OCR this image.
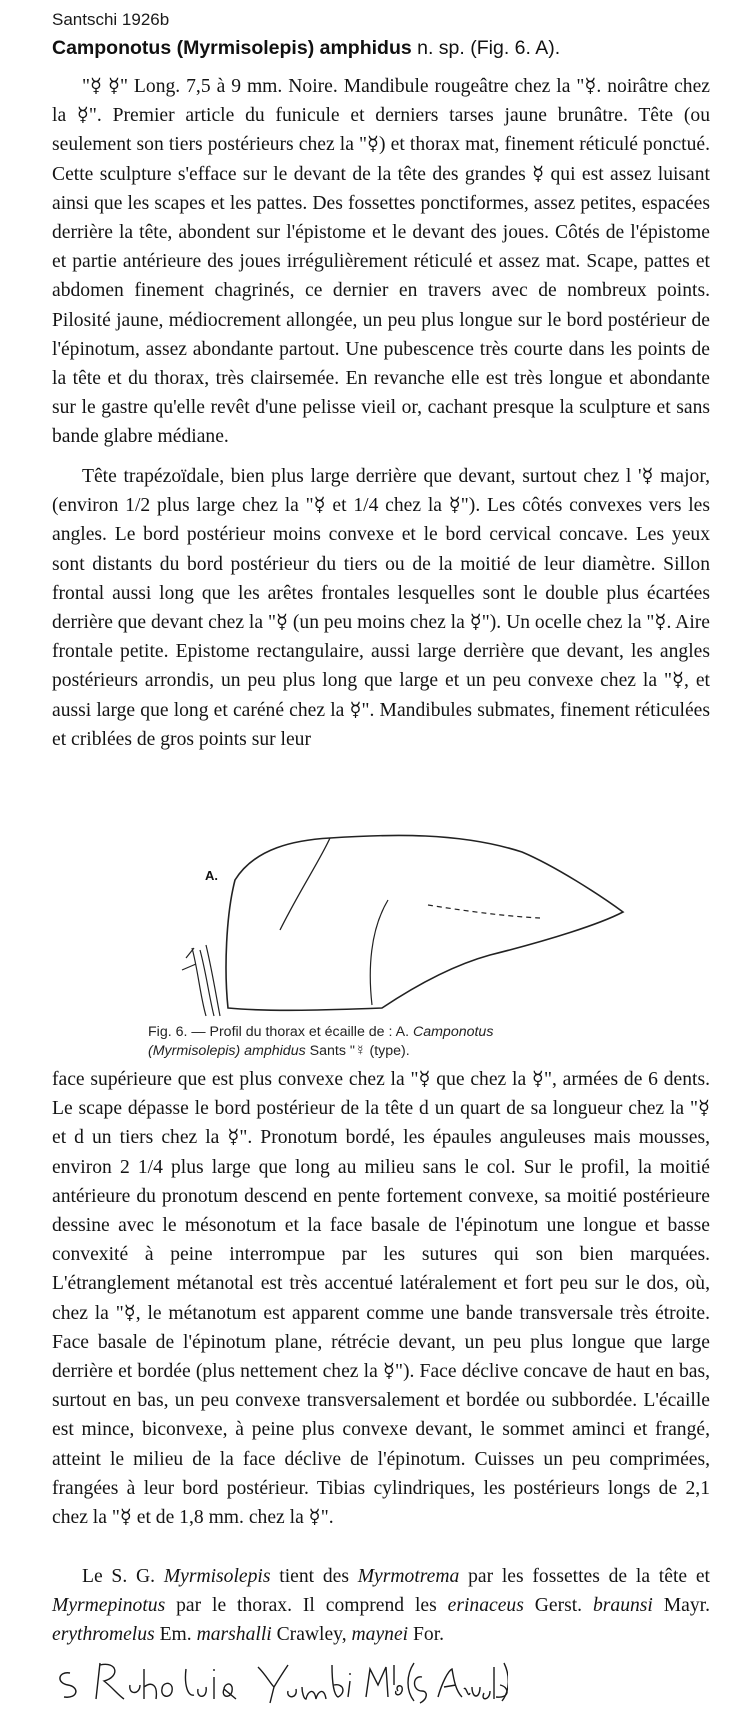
Santschi 1926b
Camponotus (Myrmisolepis) amphidus n. sp. (Fig. 6. A).

"☿ ☿" Long. 7,5 à 9 mm. Noire. Mandibule rougeâtre chez la "☿. noirâtre chez la ☿". Premier article du funicule et derniers tarses jaune brunâtre. Tête (ou seulement son tiers postérieurs chez la "☿) et thorax mat, finement réticulé ponctué. Cette sculpture s'efface sur le devant de la tête des grandes ☿ qui est assez luisant ainsi que les scapes et les pattes. Des fossettes ponctiformes, assez petites, espacées derrière la tête, abondent sur l'épistome et le devant des joues. Côtés de l'épistome et partie antérieure des joues irrégulièrement réticulé et assez mat. Scape, pattes et abdomen finement chagrinés, ce dernier en travers avec de nombreux points. Pilosité jaune, médiocrement allongée, un peu plus longue sur le bord postérieur de l'épinotum, assez abondante partout. Une pubescence très courte dans les points de la tête et du thorax, très clairsemée. En revanche elle est très longue et abondante sur le gastre qu'elle revêt d'une pelisse vieil or, cachant presque la sculpture et sans bande glabre médiane.

Tête trapézoïdale, bien plus large derrière que devant, surtout chez l '☿ major, (environ 1/2 plus large chez la "☿ et 1/4 chez la ☿"). Les côtés convexes vers les angles. Le bord postérieur moins convexe et le bord cervical concave. Les yeux sont distants du bord postérieur du tiers ou de la moitié de leur diamètre. Sillon frontal aussi long que les arêtes frontales lesquelles sont le double plus écartées derrière que devant chez la "☿ (un peu moins chez la ☿"). Un ocelle chez la "☿. Aire frontale petite. Epistome rectangulaire, aussi large derrière que devant, les angles postérieurs arrondis, un peu plus long que large et un peu convexe chez la "☿, et aussi large que long et caréné chez la ☿". Mandibules submates, finement réticulées et criblées de gros points sur leur

A.
Fig. 6. — Profil du thorax et écaille de : A. Camponotus
(Myrmisolepis) amphidus Sants "☿ (type).

face supérieure que est plus convexe chez la "☿ que chez la ☿", armées de 6 dents. Le scape dépasse le bord postérieur de la tête d un quart de sa longueur chez la "☿ et d un tiers chez la ☿". Pronotum bordé, les épaules anguleuses mais mousses, environ 2 1/4 plus large que long au milieu sans le col. Sur le profil, la moitié antérieure du pronotum descend en pente fortement convexe, sa moitié postérieure dessine avec le mésonotum et la face basale de l'épinotum une longue et basse convexité à peine interrompue par les sutures qui son bien marquées. L'étranglement métanotal est très accentué latéralement et fort peu sur le dos, où, chez la "☿, le métanotum est apparent comme une bande transversale très étroite. Face basale de l'épinotum plane, rétrécie devant, un peu plus longue que large derrière et bordée (plus nettement chez la ☿"). Face déclive concave de haut en bas, surtout en bas, un peu convexe transversalement et bordée ou subbordée. L'écaille est mince, biconvexe, à peine plus convexe devant, le sommet aminci et frangé, atteint le milieu de la face déclive de l'épinotum. Cuisses un peu comprimées, frangées à leur bord postérieur. Tibias cylindriques, les postérieurs longs de 2,1 chez la "☿ et de 1,8 mm. chez la ☿".

Le S. G. Myrmisolepis tient des Myrmotrema par les fossettes de la tête et Myrmepinotus par le thorax. Il comprend les erinaceus Gerst. braunsi Mayr. erythromelus Em. marshalli Crawley, maynei For.
